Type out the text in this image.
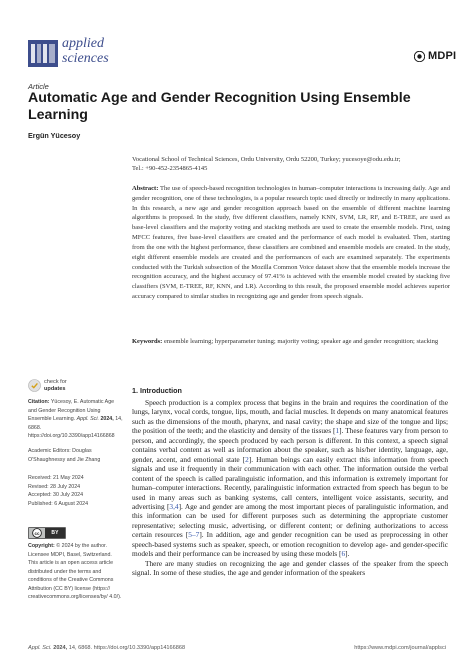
applied
sciences	MDPI
Article
Automatic Age and Gender Recognition Using Ensemble Learning
Ergün Yücesoy
Vocational School of Technical Sciences, Ordu University, Ordu 52200, Turkey; yucesoye@odu.edu.tr;
Tel.: +90-452-2354865-4145
Abstract: The use of speech-based recognition technologies in human–computer interactions is increasing daily. Age and gender recognition, one of these technologies, is a popular research topic used directly or indirectly in many applications. In this research, a new age and gender recognition approach based on the ensemble of different machine learning algorithms is proposed. In the study, five different classifiers, namely KNN, SVM, LR, RF, and E-TREE, are used as base-level classifiers and the majority voting and stacking methods are used to create the ensemble models. First, using MFCC features, five base-level classifiers are created and the performance of each model is evaluated. Then, starting from the one with the highest performance, these classifiers are combined and ensemble models are created. In the study, eight different ensemble models are created and the performances of each are examined separately. The experiments conducted with the Turkish subsection of the Mozilla Common Voice dataset show that the ensemble models increase the recognition accuracy, and the highest accuracy of 97.41% is achieved with the ensemble model created by stacking five classifiers (SVM, E-TREE, RF, KNN, and LR). According to this result, the proposed ensemble model achieves superior accuracy compared to similar studies in recognizing age and gender from speech signals.
Keywords: ensemble learning; hyperparameter tuning; majority voting; speaker age and gender recognition; stacking
check for
updates
Citation: Yücesoy, E. Automatic Age and Gender Recognition Using Ensemble Learning. Appl. Sci. 2024, 14, 6868. https://doi.org/10.3390/app14166868
Academic Editors: Douglas O'Shaughnessy and Jie Zhang
Received: 21 May 2024
Revised: 28 July 2024
Accepted: 30 July 2024
Published: 6 August 2024
cc	BY
Copyright: © 2024 by the author. Licensee MDPI, Basel, Switzerland. This article is an open access article distributed under the terms and conditions of the Creative Commons Attribution (CC BY) license (https:// creativecommons.org/licenses/by/ 4.0/).
1. Introduction

Speech production is a complex process that begins in the brain and requires the coordination of the lungs, larynx, vocal cords, tongue, lips, mouth, and facial muscles. It depends on many anatomical features such as the dimensions of the mouth, pharynx, and nasal cavity; the shape and size of the tongue and lips; the position of the teeth; and the elasticity and density of the tissues [1]. These features vary from person to person, and accordingly, the speech produced by each person is different. In this context, a speech signal contains verbal content as well as information about the speaker, such as his/her identity, language, age, gender, accent, and emotional state [2]. Human beings can easily extract this information from speech signals and use it frequently in their communication with each other. The information outside the verbal content of the speech is called paralinguistic information, and this information is extremely important for human–computer interactions. Recently, paralinguistic information extracted from speech has begun to be used in many areas such as banking systems, call centers, intelligent voice assistants, security, and advertising [3,4]. Age and gender are among the most important pieces of paralinguistic information, and this information can be used for different purposes such as determining the appropriate customer representative; selecting music, advertising, or different content; or defining authorizations to access certain resources [5–7]. In addition, age and gender recognition can be used as preprocessing in other speech-based systems such as speaker, speech, or emotion recognition to develop age- and gender-specific models and their performance can be increased by using these models [6].

There are many studies on recognizing the age and gender classes of the speaker from the speech signal. In some of these studies, the age and gender information of the speakers

Appl. Sci. 2024, 14, 6868. https://doi.org/10.3390/app14166868	https://www.mdpi.com/journal/applsci
